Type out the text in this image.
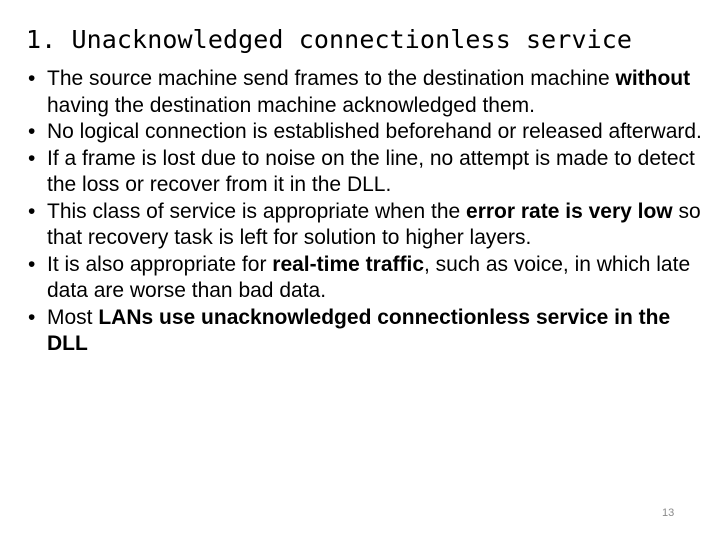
1. Unacknowledged connectionless service
• The source machine send frames to the destination machine without having the destination machine acknowledged them.
• No logical connection is established beforehand or released afterward.
• If a frame is lost due to noise on the line, no attempt is made to detect the loss or recover from it in the DLL.
• This class of service is appropriate when the error rate is very low so that recovery task is left for solution to higher layers.
• It is also appropriate for real-time traffic, such as voice, in which late data are worse than bad data.
• Most LANs use unacknowledged connectionless service in the DLL
13
